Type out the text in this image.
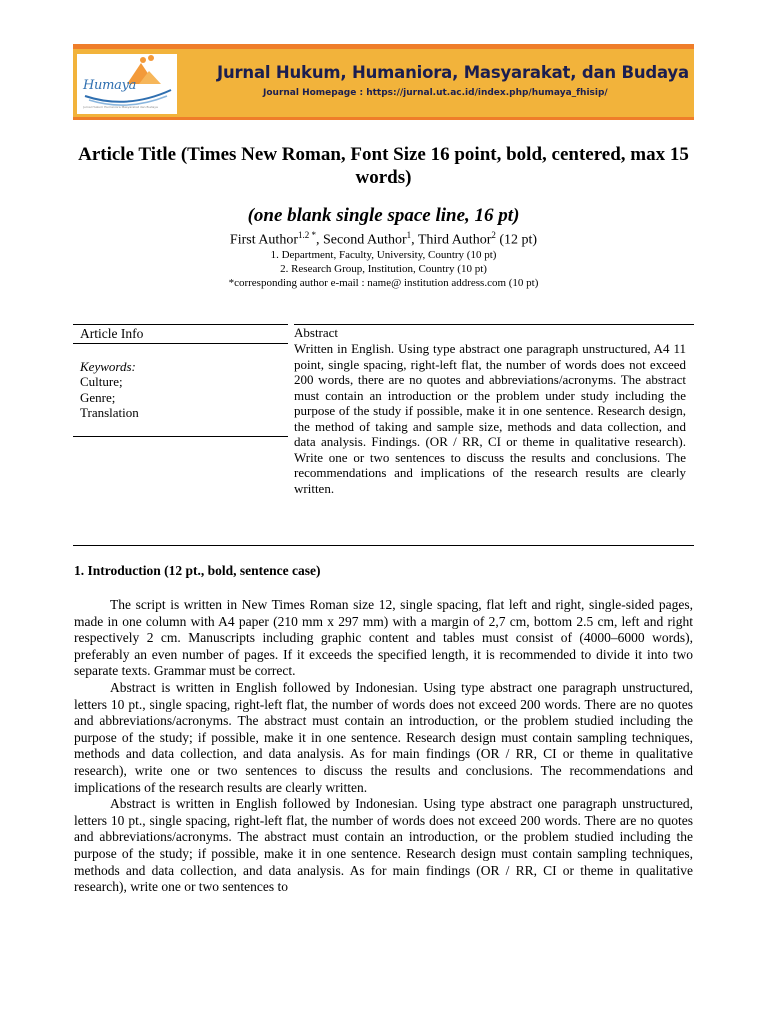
Humaya
Jurnal Hukum Humaniora Masyarakat dan Budaya
Jurnal Hukum, Humaniora, Masyarakat, dan Budaya
Journal Homepage : https://jurnal.ut.ac.id/index.php/humaya_fhisip/
Article Title (Times New Roman, Font Size 16 point, bold, centered, max 15 words)
(one blank single space line, 16 pt)
First Author$^{1.2 *}$, Second Author$^1$, Third Author$^2$ (12 pt)
1. Department, Faculty, University, Country (10 pt)
2. Research Group, Institution, Country (10 pt)
*corresponding author e-mail : name@ institution address.com (10 pt)
Article Info
Keywords:
Culture;
Genre;
Translation
Abstract
Written in English. Using type abstract one paragraph unstructured, A4 11 point, single spacing, right-left flat, the number of words does not exceed 200 words, there are no quotes and abbreviations/acronyms. The abstract must contain an introduction or the problem under study including the purpose of the study if possible, make it in one sentence. Research design, the method of taking and sample size, methods and data collection, and data analysis. Findings. (OR / RR, CI or theme in qualitative research). Write one or two sentences to discuss the results and conclusions. The recommendations and implications of the research results are clearly written.
1. Introduction (12 pt., bold, sentence case)

The script is written in New Times Roman size 12, single spacing, flat left and right, single-sided pages, made in one column with A4 paper (210 mm x 297 mm) with a margin of 2,7 cm, bottom 2.5 cm, left and right respectively 2 cm. Manuscripts including graphic content and tables must consist of (4000–6000 words), preferably an even number of pages. If it exceeds the specified length, it is recommended to divide it into two separate texts. Grammar must be correct.

Abstract is written in English followed by Indonesian. Using type abstract one paragraph unstructured, letters 10 pt., single spacing, right-left flat, the number of words does not exceed 200 words. There are no quotes and abbreviations/acronyms. The abstract must contain an introduction, or the problem studied including the purpose of the study; if possible, make it in one sentence. Research design must contain sampling techniques, methods and data collection, and data analysis. As for main findings (OR / RR, CI or theme in qualitative research), write one or two sentences to discuss the results and conclusions. The recommendations and implications of the research results are clearly written.

Abstract is written in English followed by Indonesian. Using type abstract one paragraph unstructured, letters 10 pt., single spacing, right-left flat, the number of words does not exceed 200 words. There are no quotes and abbreviations/acronyms. The abstract must contain an introduction, or the problem studied including the purpose of the study; if possible, make it in one sentence. Research design must contain sampling techniques, methods and data collection, and data analysis. As for main findings (OR / RR, CI or theme in qualitative research), write one or two sentences to
